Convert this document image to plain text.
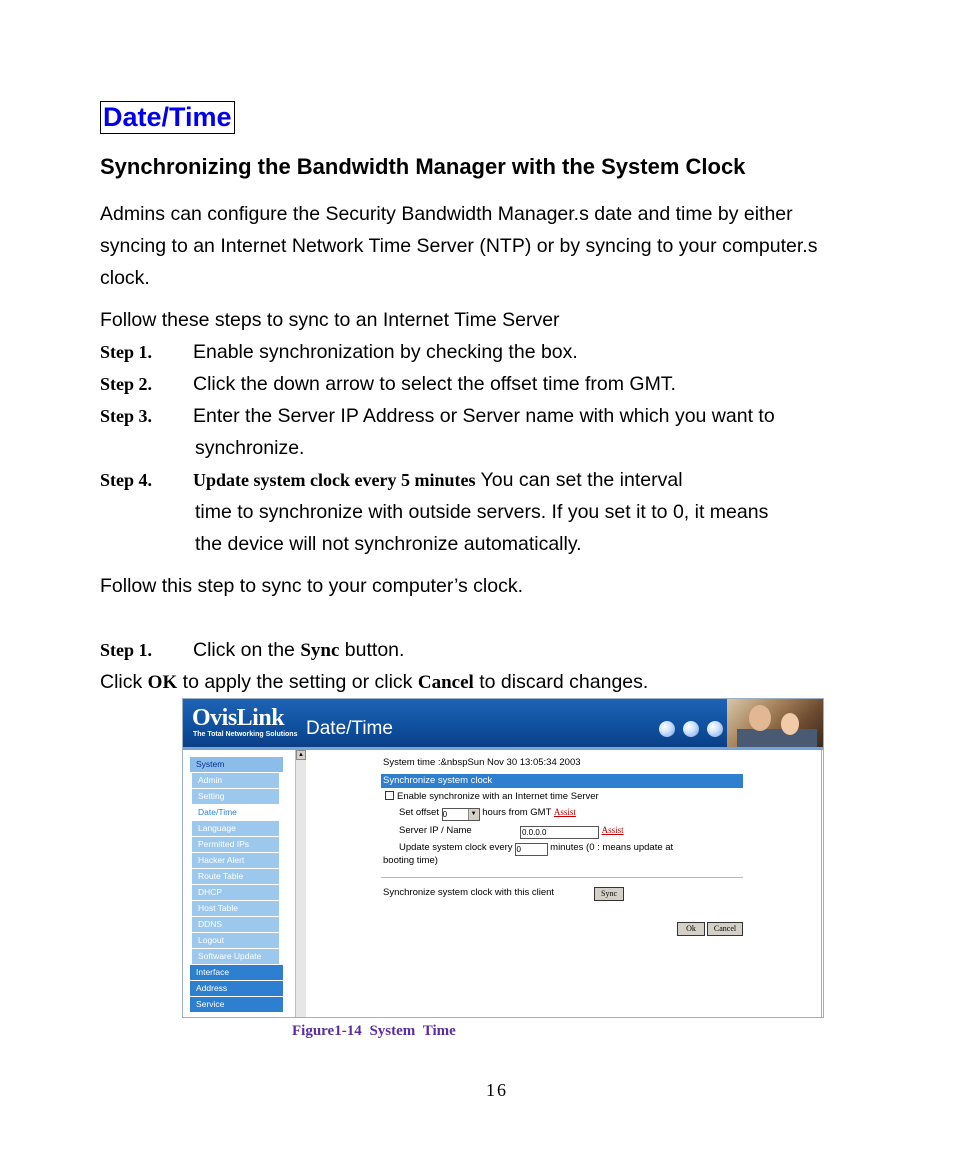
Date/Time
Synchronizing the Bandwidth Manager with the System Clock
Admins can configure the Security Bandwidth Manager.s date and time by either
syncing to an Internet Network Time Server (NTP) or by syncing to your computer.s
clock.
Follow these steps to sync to an Internet Time Server
Step 1. Enable synchronization by checking the box.
Step 2. Click the down arrow to select the offset time from GMT.
Step 3. Enter the Server IP Address or Server name with which you want to
synchronize.
Step 4. Update system clock every 5 minutes You can set the interval
time to synchronize with outside servers. If you set it to 0, it means
the device will not synchronize automatically.
Follow this step to sync to your computer’s clock.
Step 1. Click on the Sync button.
Click OK to apply the setting or click Cancel to discard changes.
OvisLink
The Total Networking Solutions Date/Time
System
Admin
Setting
Date/Time
Language
Permitted IPs
Hacker Alert
Route Table
DHCP
Host Table
DDNS
Logout
Software Update
Interface
Address
Service
▲
System time :&nbspSun Nov 30 13:05:34 2003
Synchronize system clock
Enable synchronize with an Internet time Server
Set offset 0	▼ hours from GMT Assist
Server IP / Name	0.0.0.0	Assist
Update system clock every 0	minutes (0 : means update at
booting time)
Synchronize system clock with this client	Sync
Ok	Cancel
Figure1-14 System Time
16
